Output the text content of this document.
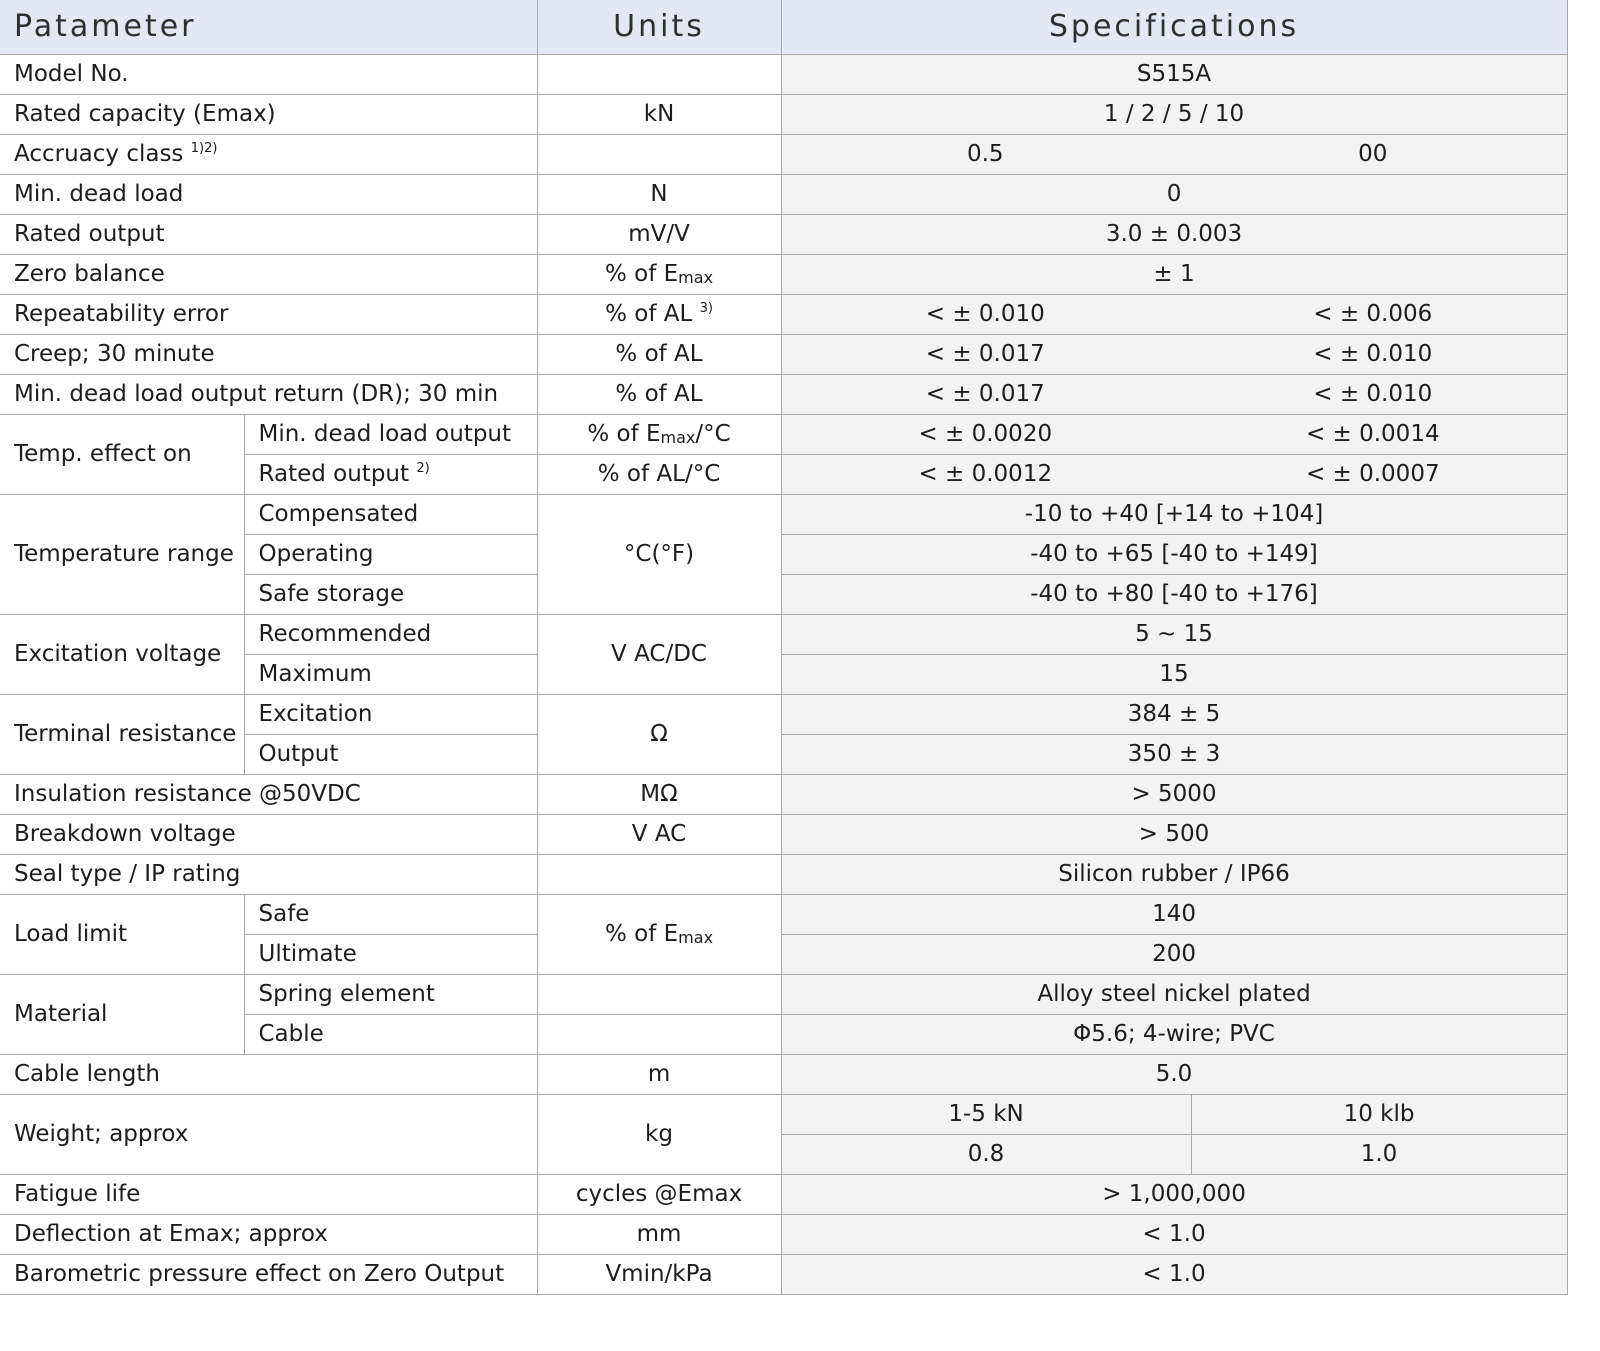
Patameter		Units	Specifications	
Model No.			S515A	
Rated capacity (Emax)		kN	1 / 2 / 5 / 10	
Accruacy class $^{1)2)}$			0.5 00	

Min. dead load		N	0	
Rated output		mV/V	3.0 ± 0.003	
Zero balance		% of $E_{max}$	± 1	
Repeatability error		% of AL $^{3)}$	< ± 0.010 < ± 0.006	

Creep; 30 minute		% of AL	< ± 0.017 < ± 0.010	

Min. dead load output return (DR); 30 min		% of AL	< ± 0.017 < ± 0.010	

Temp. effect on	Min. dead load output	% of $E_{max}/^\circ C$	< ± 0.0020 < ± 0.0014	

	Rated output $^{2)}$	% of AL/°C	< ± 0.0012 < ± 0.0007	

Temperature range	Compensated	°C(°F)	-10 to +40 [+14 to +104]	
	Operating		-40 to +65 [-40 to +149]	
	Safe storage		-40 to +80 [-40 to +176]	
Excitation voltage	Recommended	V AC/DC	5 ~ 15	
	Maximum		15	
Terminal resistance	Excitation	Ω	384 ± 5	
	Output		350 ± 3	
Insulation resistance @50VDC		MΩ	> 5000	
Breakdown voltage		V AC	> 500	
Seal type / IP rating			Silicon rubber / IP66	
Load limit	Safe	% of $E_{max}$	140	
	Ultimate		200	
Material	Spring element		Alloy steel nickel plated	
	Cable		Φ5.6; 4-wire; PVC	
Cable length		m	5.0	
Weight; approx		kg	1-5 kN	10 klb
			0.8	1.0
Fatigue life		cycles @Emax	> 1,000,000	
Deflection at Emax; approx		mm	< 1.0	
Barometric pressure effect on Zero Output		Vmin/kPa	< 1.0	
